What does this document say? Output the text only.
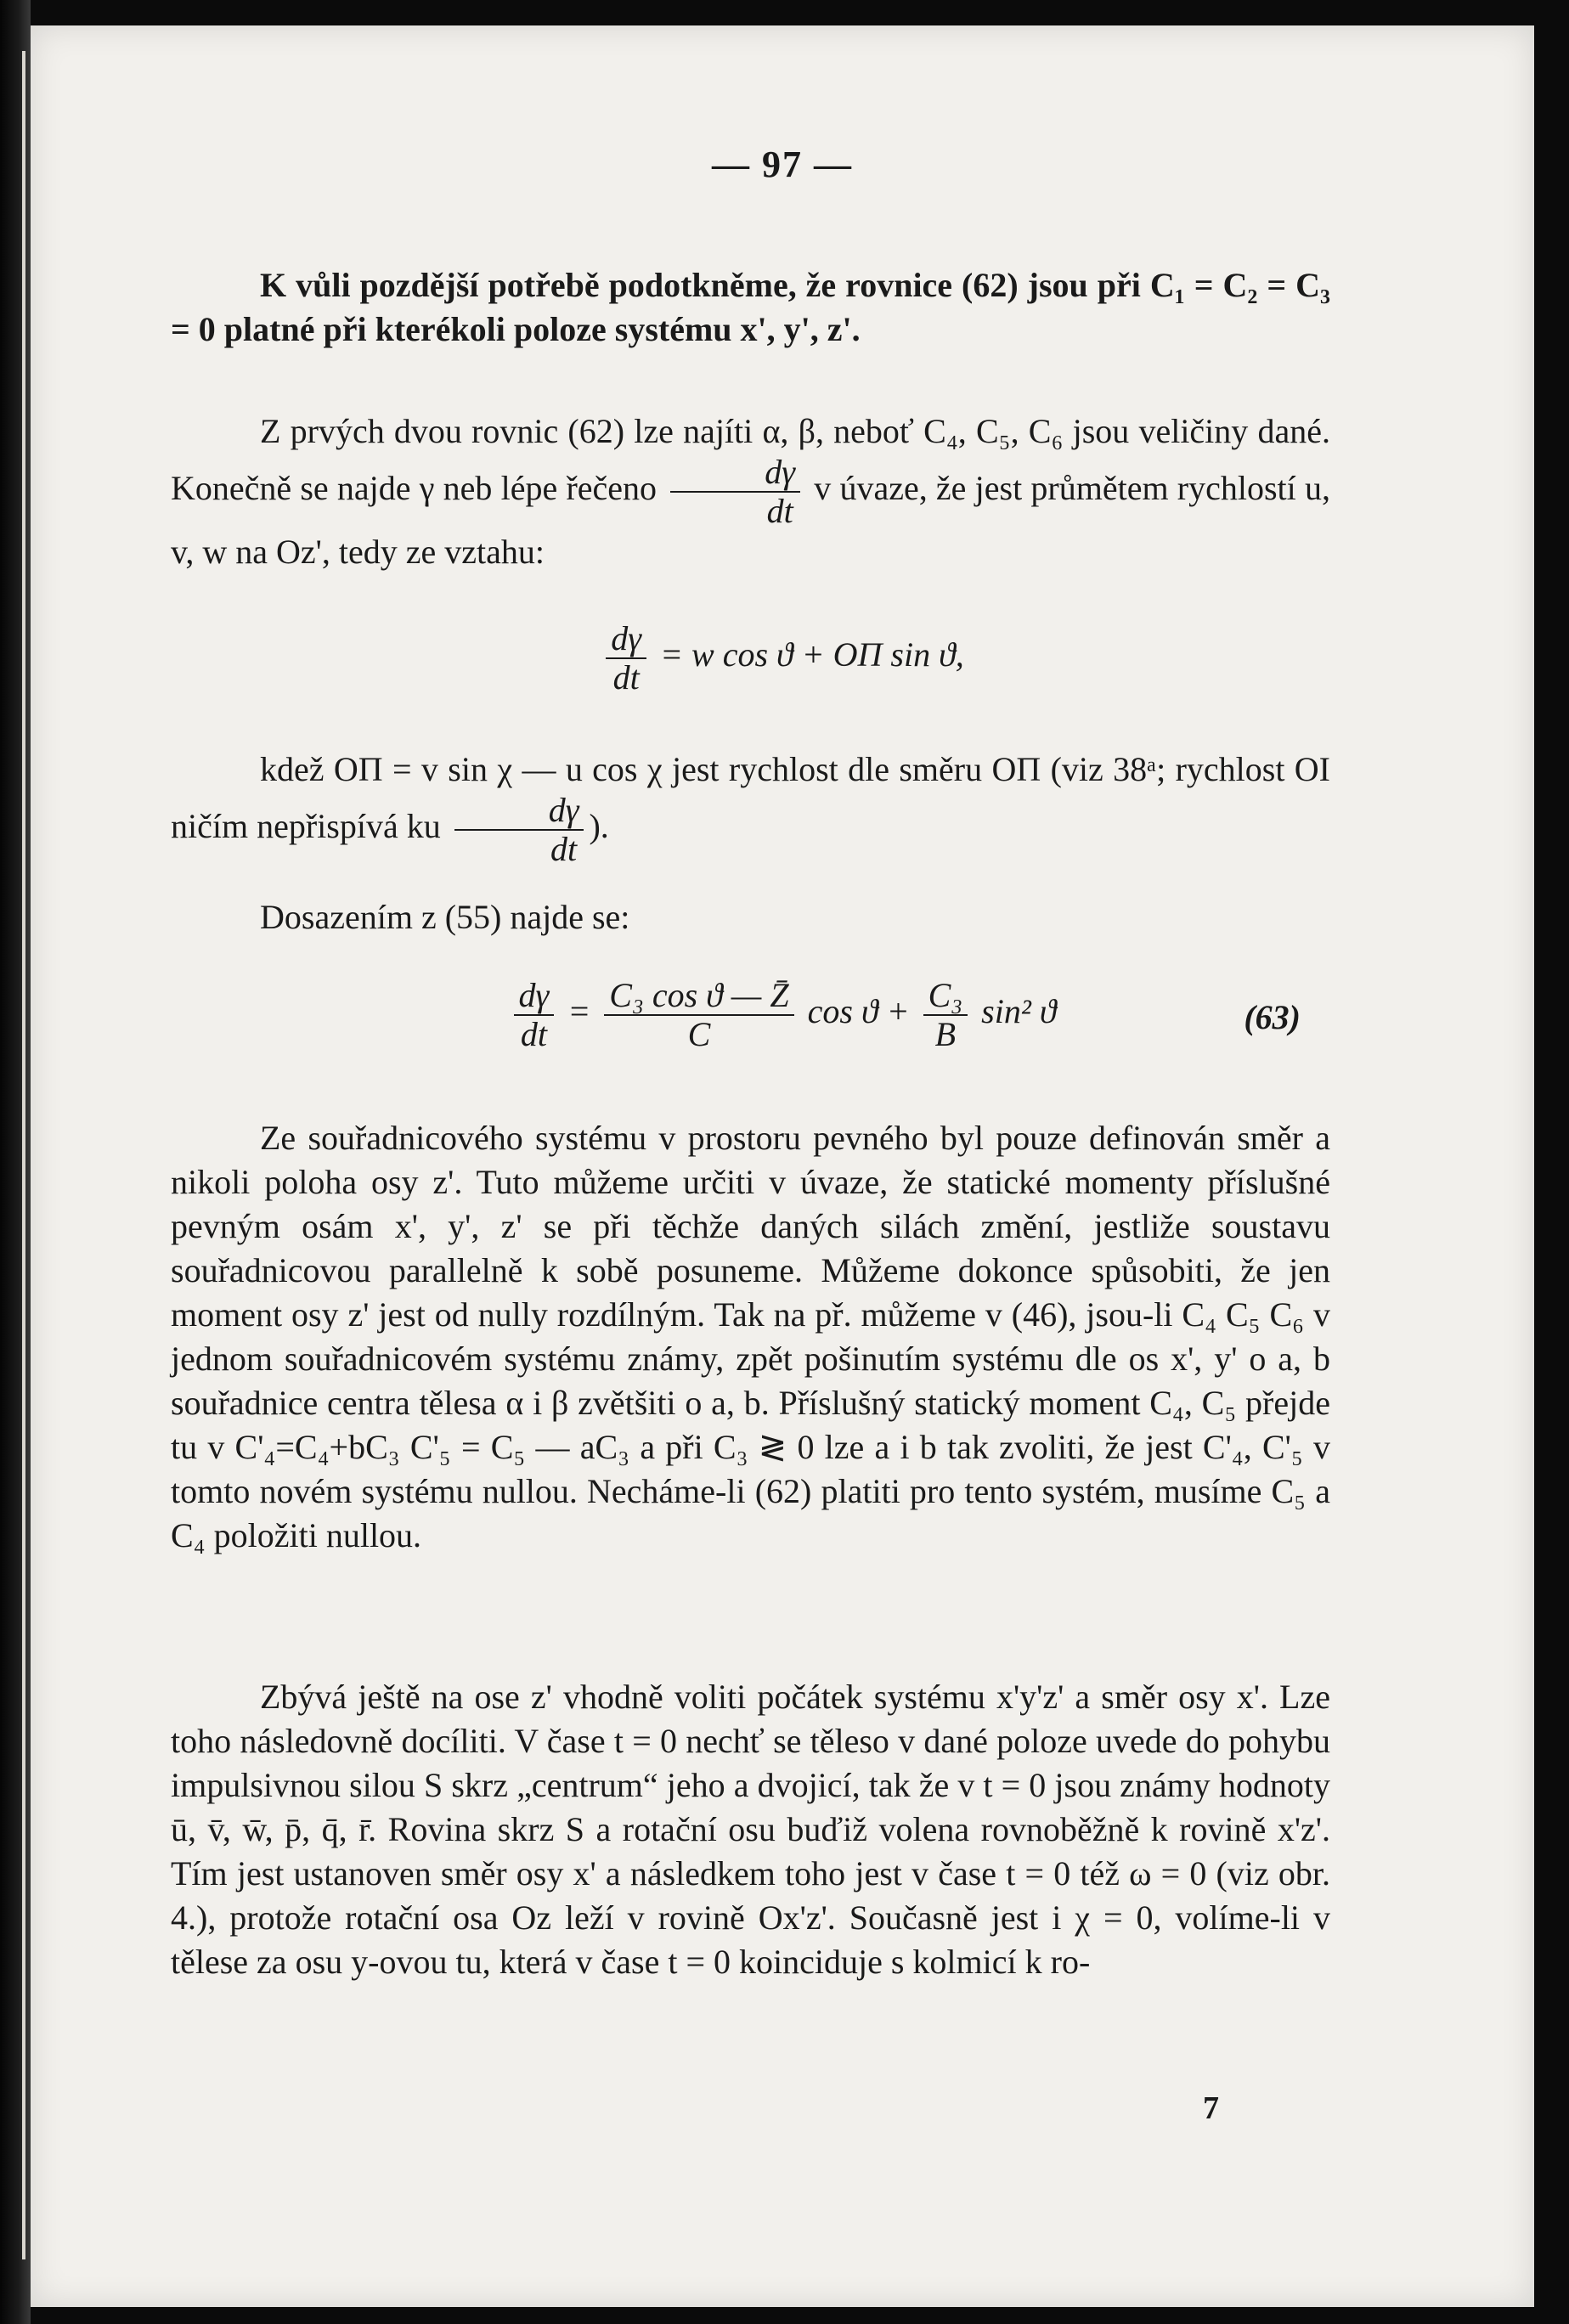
— 97 —

K vůli pozdější potřebě podotkněme, že rovnice (62) jsou při C₁ = C₂ = C₃ = 0 platné při kterékoli poloze systému x', y', z'.

Z prvých dvou rovnic (62) lze najíti α, β, neboť C₄, C₅, C₆ jsou veličiny dané. Konečně se najde γ neb lépe řečeno $\frac{d\gamma}{dt}$ v úvaze, že jest průmětem rychlostí u, v, w na Oz', tedy ze vztahu:

$\frac{d\gamma}{dt} = w$ cos ϑ + OΠ sin ϑ,

kdež OΠ = v sin χ — u cos χ jest rychlost dle směru OΠ (viz 38ᵃ; rychlost OI ničím nepřispívá ku $\frac{d\gamma}{dt}$ ).

Dosazením z (55) najde se:

$\frac{d\gamma}{dt} = \frac{\text{C₃ cos ϑ — Z̄}}{C}$ $\cos ϑ + \frac{\text{C₃}}{B} \sin^2$ ϑ	(63)

Ze souřadnicového systému v prostoru pevného byl pouze definován směr a nikoli poloha osy z'. Tuto můžeme určiti v úvaze, že statické momenty příslušné pevným osám x', y', z' se při těchže daných silách změní, jestliže soustavu souřadnicovou parallelně k sobě posuneme. Můžeme dokonce spůsobiti, že jen moment osy z' jest od nully rozdílným. Tak na př. můžeme v (46), jsou-li C₄ C₅ C₆ v jednom souřadnicovém systému známy, zpět pošinutím systému dle os x', y' o a, b souřadnice centra tělesa α i β zvětšiti o a, b. Příslušný statický moment C₄, C₅ přejde tu v C'₄=C₄+bC₃ C'₅ = C₅ — aC₃ a při C₃ ≷ 0 lze a i b tak zvoliti, že jest C'₄, C'₅ v tomto novém systému nullou. Necháme-li (62) platiti pro tento systém, musíme C₅ a C₄ položiti nullou.

Zbývá ještě na ose z' vhodně voliti počátek systému x'y'z' a směr osy x'. Lze toho následovně docíliti. V čase t = 0 nechť se těleso v dané poloze uvede do pohybu impulsivnou silou S skrz „centrum“ jeho a dvojicí, tak že v t = 0 jsou známy hodnoty ū, v̄, w̄, p̄, q̄, r̄. Rovina skrz S a rotační osu buďiž volena rovnoběžně k rovině x'z'. Tím jest ustanoven směr osy x' a následkem toho jest v čase t = 0 též ω = 0 (viz obr. 4.), protože rotační osa Oz leží v rovině Ox'z'. Současně jest i χ = 0, volíme-li v tělese za osu y-ovou tu, která v čase t = 0 koinciduje s kolmicí k ro-

7
